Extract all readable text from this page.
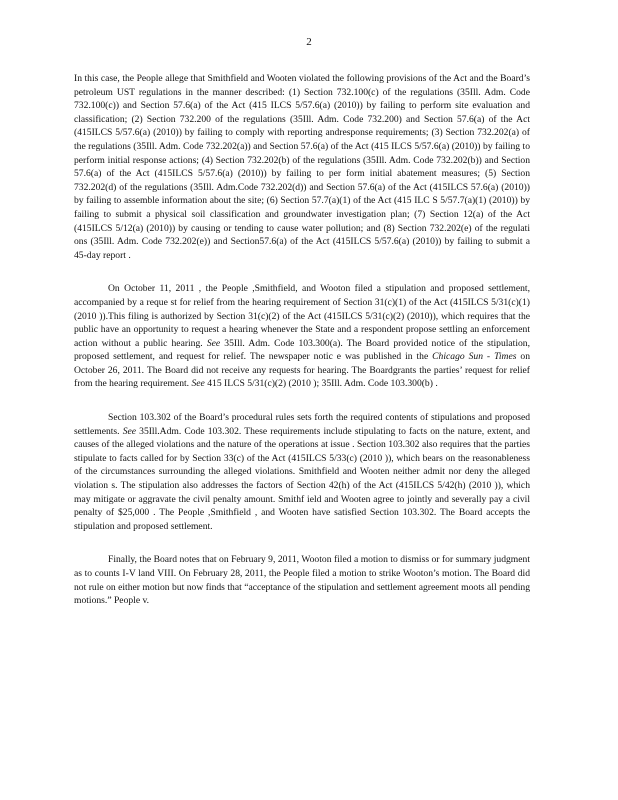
2

In this case, the People allege that Smithfield and Wooten violated the following provisions of the Act and the Board’s petroleum UST regulations in the manner described: (1) Section 732.100(c) of the regulations (35Ill. Adm. Code 732.100(c)) and Section 57.6(a) of the Act (415 ILCS 5/57.6(a) (2010)) by failing to perform site evaluation and classification; (2) Section 732.200 of the regulations (35Ill. Adm. Code 732.200) and Section 57.6(a) of the Act (415ILCS 5/57.6(a) (2010)) by failing to comply with reporting andresponse requirements; (3) Section 732.202(a) of the regulations (35Ill. Adm. Code 732.202(a)) and Section 57.6(a) of the Act (415 ILCS 5/57.6(a) (2010)) by failing to perform initial response actions; (4) Section 732.202(b) of the regulations (35Ill. Adm. Code 732.202(b)) and Section 57.6(a) of the Act (415ILCS 5/57.6(a) (2010)) by failing to per form initial abatement measures; (5) Section 732.202(d) of the regulations (35Ill. Adm.Code 732.202(d)) and Section 57.6(a) of the Act (415ILCS 57.6(a) (2010)) by failing to assemble information about the site; (6) Section 57.7(a)(1) of the Act (415 ILC S 5/57.7(a)(1) (2010)) by failing to submit a physical soil classification and groundwater investigation plan; (7) Section 12(a) of the Act (415ILCS 5/12(a) (2010)) by causing or tending to cause water pollution; and (8) Section 732.202(e) of the regulati ons (35Ill. Adm. Code 732.202(e)) and Section57.6(a) of the Act (415ILCS 5/57.6(a) (2010)) by failing to submit a 45-day report .

On October 11, 2011 , the People ,Smithfield, and Wooton filed a stipulation and proposed settlement, accompanied by a reque st for relief from the hearing requirement of Section 31(c)(1) of the Act (415ILCS 5/31(c)(1) (2010 )).This filing is authorized by Section 31(c)(2) of the Act (415ILCS 5/31(c)(2) (2010)), which requires that the public have an opportunity to request a hearing whenever the State and a respondent propose settling an enforcement action without a public hearing. See 35Ill. Adm. Code 103.300(a). The Board provided notice of the stipulation, proposed settlement, and request for relief. The newspaper notic e was published in the Chicago Sun - Times on October 26, 2011. The Board did not receive any requests for hearing. The Boardgrants the parties’ request for relief from the hearing requirement. See 415 ILCS 5/31(c)(2) (2010 ); 35Ill. Adm. Code 103.300(b) .

Section 103.302 of the Board’s procedural rules sets forth the required contents of stipulations and proposed settlements. See 35Ill.Adm. Code 103.302. These requirements include stipulating to facts on the nature, extent, and causes of the alleged violations and the nature of the operations at issue . Section 103.302 also requires that the parties stipulate to facts called for by Section 33(c) of the Act (415ILCS 5/33(c) (2010 )), which bears on the reasonableness of the circumstances surrounding the alleged violations. Smithfield and Wooten neither admit nor deny the alleged violation s. The stipulation also addresses the factors of Section 42(h) of the Act (415ILCS 5/42(h) (2010 )), which may mitigate or aggravate the civil penalty amount. Smithf ield and Wooten agree to jointly and severally pay a civil penalty of $25,000 . The People ,Smithfield , and Wooten have satisfied Section 103.302. The Board accepts the stipulation and proposed settlement.

Finally, the Board notes that on February 9, 2011, Wooton filed a motion to dismiss or for summary judgment as to counts I-V land VIII. On February 28, 2011, the People filed a motion to strike Wooton’s motion. The Board did not rule on either motion but now finds that “acceptance of the stipulation and settlement agreement moots all pending motions.” People v.
